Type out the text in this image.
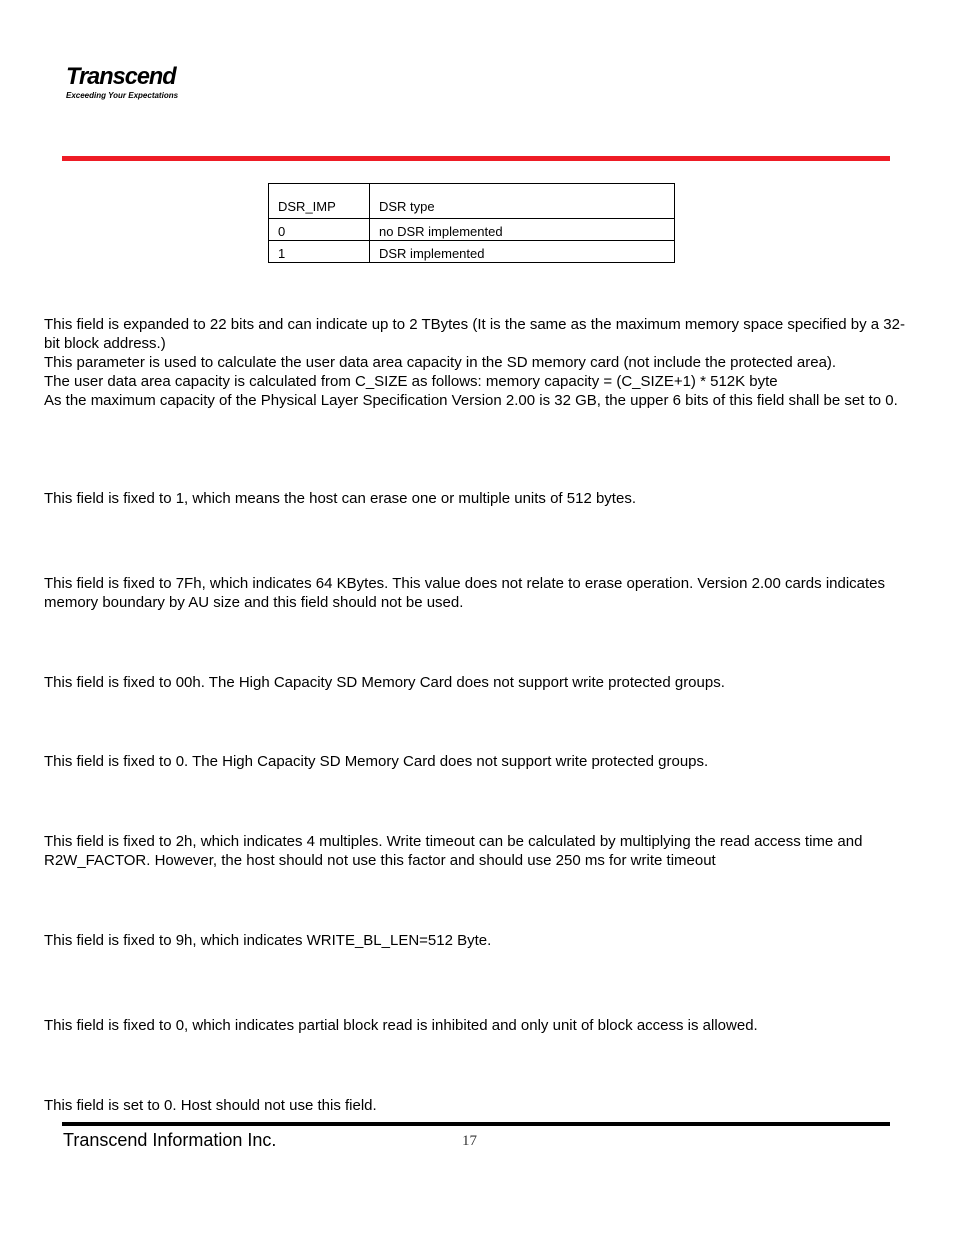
Transcend
Exceeding Your Expectations
DSR_IMP	DSR type
0	no DSR implemented
1	DSR implemented
This field is expanded to 22 bits and can indicate up to 2 TBytes (It is the same as the maximum memory space specified by a 32-bit block address.)
This parameter is used to calculate the user data area capacity in the SD memory card (not include the protected area).
The user data area capacity is calculated from C_SIZE as follows: memory capacity = (C_SIZE+1) * 512K byte
As the maximum capacity of the Physical Layer Specification Version 2.00 is 32 GB, the upper 6 bits of this field shall be set to 0.

This field is fixed to 1, which means the host can erase one or multiple units of 512 bytes.

This field is fixed to 7Fh, which indicates 64 KBytes. This value does not relate to erase operation. Version 2.00 cards indicates memory boundary by AU size and this field should not be used.

This field is fixed to 00h. The High Capacity SD Memory Card does not support write protected groups.

This field is fixed to 0. The High Capacity SD Memory Card does not support write protected groups.

This field is fixed to 2h, which indicates 4 multiples. Write timeout can be calculated by multiplying the read access time and R2W_FACTOR. However, the host should not use this factor and should use 250 ms for write timeout

This field is fixed to 9h, which indicates WRITE_BL_LEN=512 Byte.

This field is fixed to 0, which indicates partial block read is inhibited and only unit of block access is allowed.

This field is set to 0. Host should not use this field.

Transcend Information Inc.	17
